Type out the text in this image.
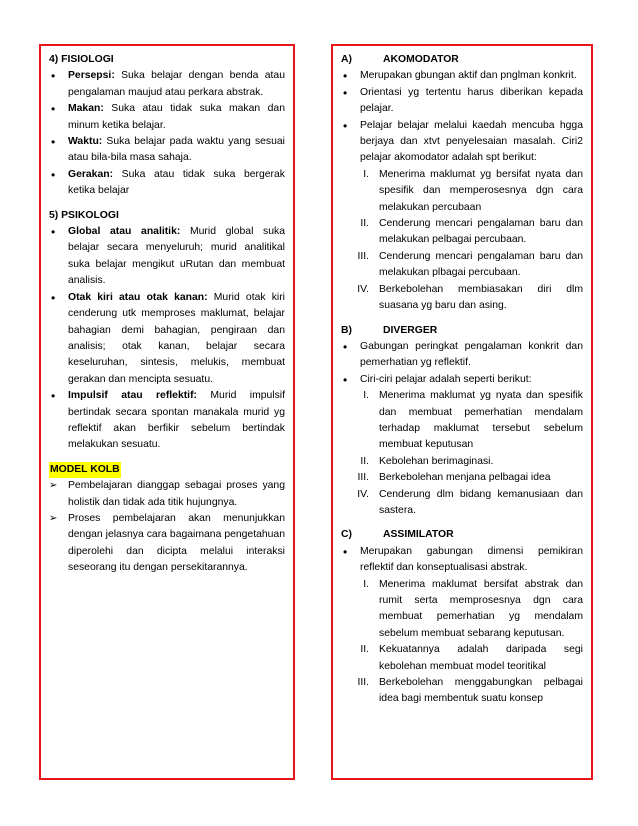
4) FISIOLOGI
• Persepsi: Suka belajar dengan benda atau pengalaman maujud atau perkara abstrak.
• Makan: Suka atau tidak suka makan dan minum ketika belajar.
• Waktu: Suka belajar pada waktu yang sesuai atau bila-bila masa sahaja.
• Gerakan: Suka atau tidak suka bergerak ketika belajar
5) PSIKOLOGI
• Global atau analitik: Murid global suka belajar secara menyeluruh; murid analitikal suka belajar mengikut uRutan dan membuat analisis.
• Otak kiri atau otak kanan: Murid otak kiri cenderung utk memproses maklumat, belajar bahagian demi bahagian, pengiraan dan analisis; otak kanan, belajar secara keseluruhan, sintesis, melukis, membuat gerakan dan mencipta sesuatu.
• Impulsif atau reflektif: Murid impulsif bertindak secara spontan manakala murid yg reflektif akan berfikir sebelum bertindak melakukan sesuatu.
MODEL KOLB
➢ Pembelajaran dianggap sebagai proses yang holistik dan tidak ada titik hujungnya.
➢ Proses pembelajaran akan menunjukkan dengan jelasnya cara bagaimana pengetahuan diperolehi dan dicipta melalui interaksi seseorang itu dengan persekitarannya.
A)	AKOMODATOR
• Merupakan gbungan aktif dan pnglman konkrit.
• Orientasi yg tertentu harus diberikan kepada pelajar.
• Pelajar belajar melalui kaedah mencuba hgga berjaya dan xtvt penyelesaian masalah. Ciri2 pelajar akomodator adalah spt berikut:
I. Menerima maklumat yg bersifat nyata dan spesifik dan memperosesnya dgn cara melakukan percubaan
II. Cenderung mencari pengalaman baru dan melakukan pelbagai percubaan.
III. Cenderung mencari pengalaman baru dan melakukan plbagai percubaan.
IV. Berkebolehan membiasakan diri dlm suasana yg baru dan asing.
B)	DIVERGER
• Gabungan peringkat pengalaman konkrit dan pemerhatian yg reflektif.
• Ciri-ciri pelajar adalah seperti berikut:
I. Menerima maklumat yg nyata dan spesifik dan membuat pemerhatian mendalam terhadap maklumat tersebut sebelum membuat keputusan
II. Kebolehan berimaginasi.
III. Berkebolehan menjana pelbagai idea
IV. Cenderung dlm bidang kemanusiaan dan sastera.
C)	ASSIMILATOR
• Merupakan gabungan dimensi pemikiran reflektif dan konseptualisasi abstrak.
I. Menerima maklumat bersifat abstrak dan rumit serta memprosesnya dgn cara membuat pemerhatian yg mendalam sebelum membuat sebarang keputusan.
II. Kekuatannya adalah daripada segi kebolehan membuat model teoritikal
III. Berkebolehan menggabungkan pelbagai idea bagi membentuk suatu konsep
